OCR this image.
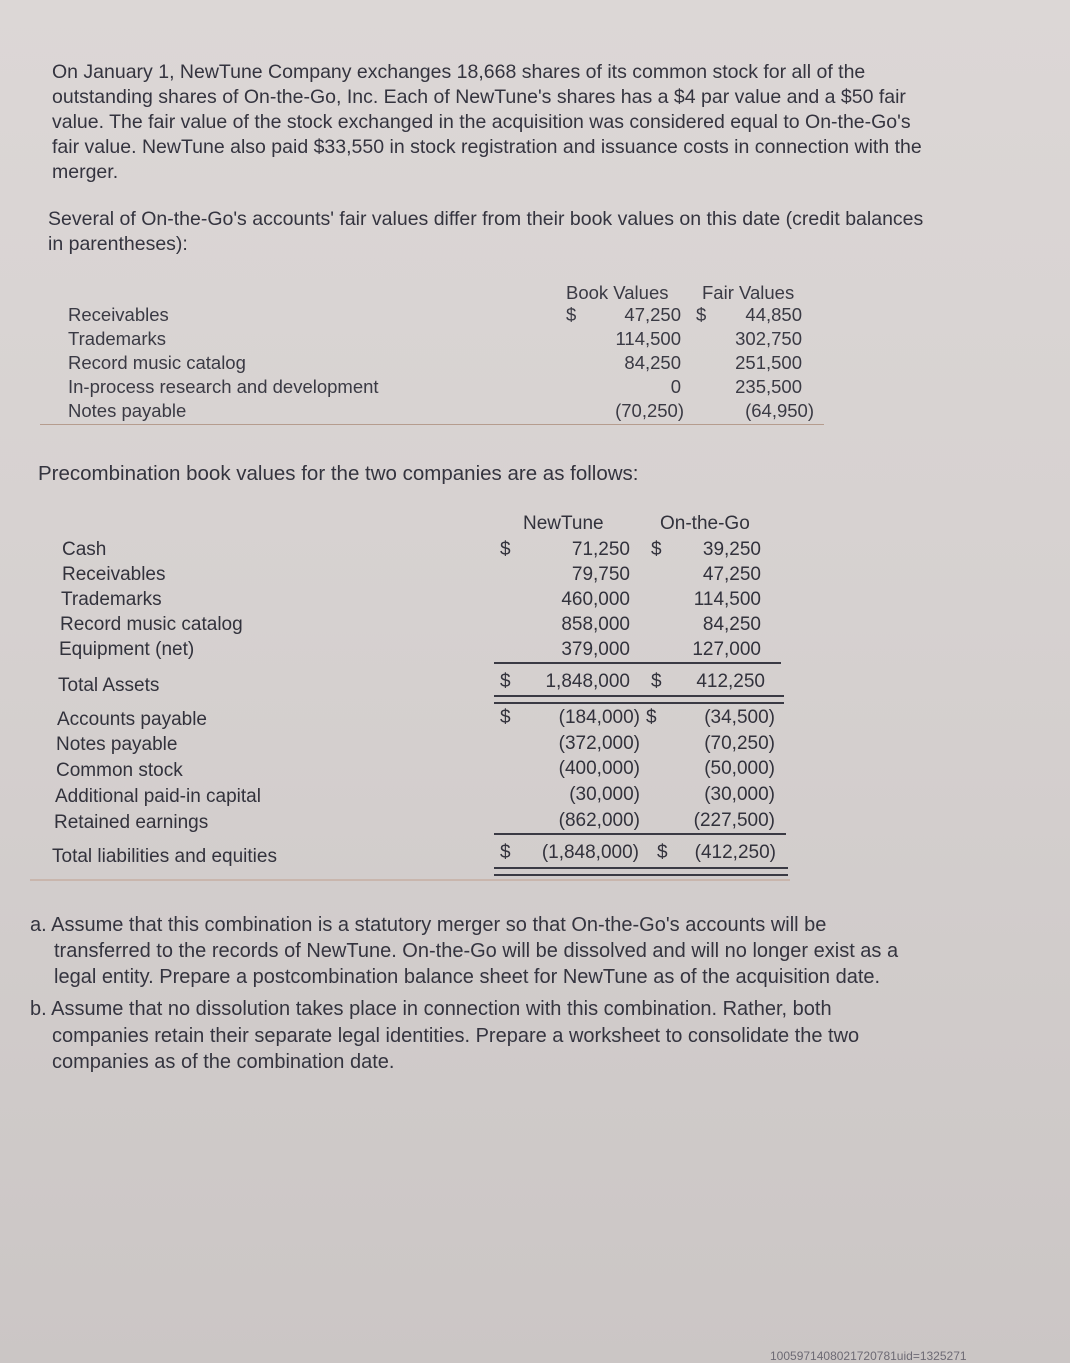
On January 1, NewTune Company exchanges 18,668 shares of its common stock for all of the
outstanding shares of On-the-Go, Inc. Each of NewTune's shares has a $4 par value and a $50 fair
value. The fair value of the stock exchanged in the acquisition was considered equal to On-the-Go's
fair value. NewTune also paid $33,550 in stock registration and issuance costs in connection with the
merger.
Several of On-the-Go's accounts' fair values differ from their book values on this date (credit balances
in parentheses):
Book Values Fair Values
Receivables	$	47,250 $ 44,850
Trademarks	114,500	302,750
Record music catalog	84,250	251,500
In-process research and development	0	235,500
Notes payable	(70,250)	(64,950)
Precombination book values for the two companies are as follows:
NewTune	On-the-Go
Cash	$	71,250 $ 39,250
Receivables	79,750	47,250
Trademarks	460,000	114,500
Record music catalog	858,000	84,250
Equipment (net)	379,000	127,000
Total Assets	$ 1,848,000 $ 412,250
Accounts payable	$	(184,000) $	(34,500)
Notes payable	(372,000)	(70,250)
Common stock	(400,000)	(50,000)
Additional paid-in capital	(30,000)	(30,000)
Retained earnings	(862,000)	(227,500)
Total liabilities and equities	$ (1,848,000) $ (412,250)
a. Assume that this combination is a statutory merger so that On-the-Go's accounts will be
transferred to the records of NewTune. On-the-Go will be dissolved and will no longer exist as a
legal entity. Prepare a postcombination balance sheet for NewTune as of the acquisition date.
b. Assume that no dissolution takes place in connection with this combination. Rather, both
companies retain their separate legal identities. Prepare a worksheet to consolidate the two
companies as of the combination date.
1005971408021720781uid=1325271
